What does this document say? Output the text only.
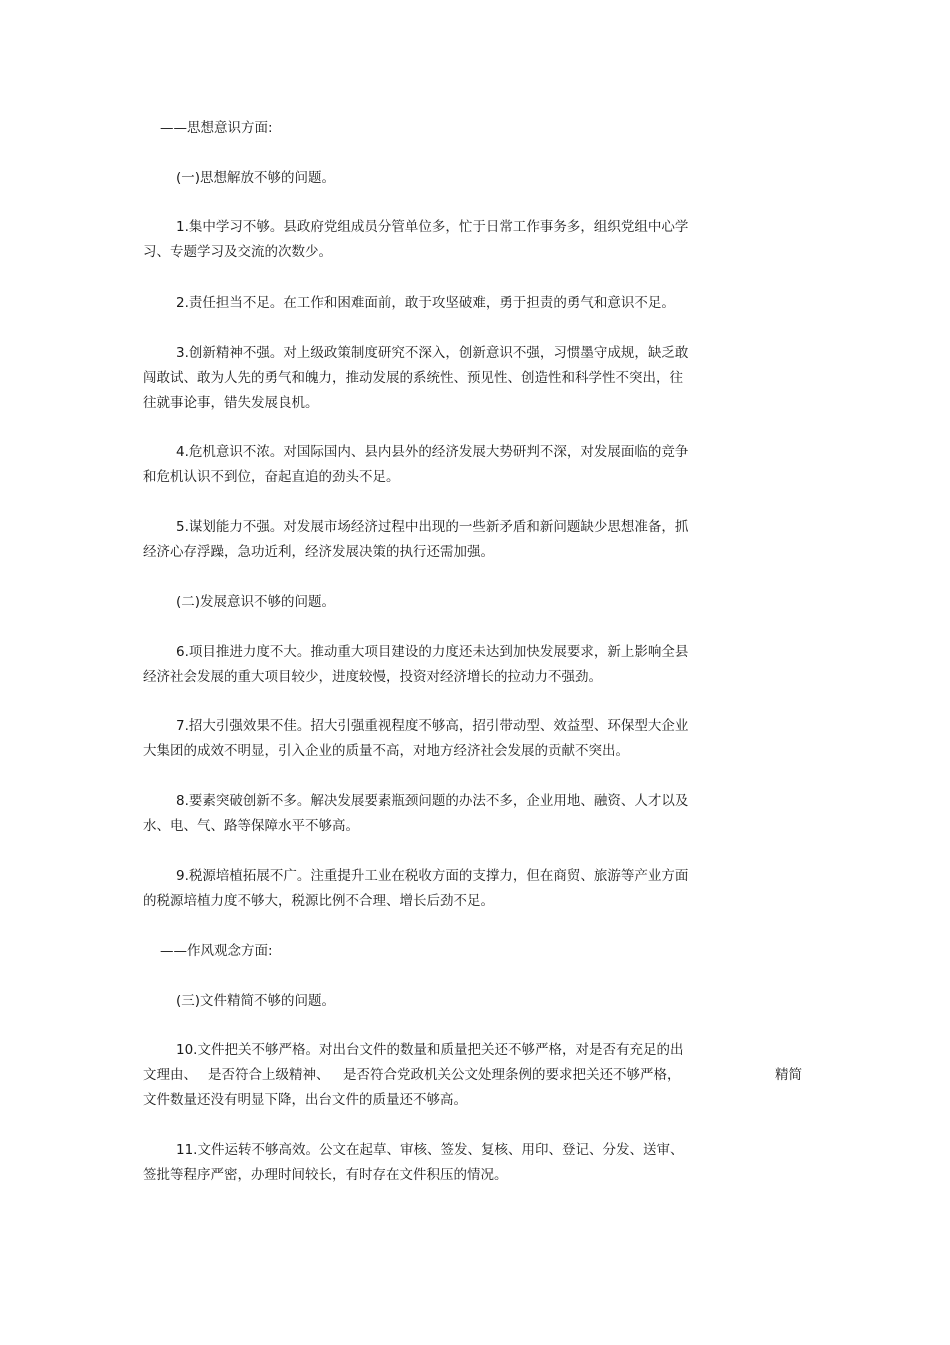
——思想意识方面:
(一)思想解放不够的问题。
1.集中学习不够。县政府党组成员分管单位多，忙于日常工作事务多，组织党组中心学
习、专题学习及交流的次数少。
2.责任担当不足。在工作和困难面前，敢于攻坚破难，勇于担责的勇气和意识不足。
3.创新精神不强。对上级政策制度研究不深入，创新意识不强，习惯墨守成规，缺乏敢
闯敢试、敢为人先的勇气和魄力，推动发展的系统性、预见性、创造性和科学性不突出，往
往就事论事，错失发展良机。
4.危机意识不浓。对国际国内、县内县外的经济发展大势研判不深，对发展面临的竞争
和危机认识不到位，奋起直追的劲头不足。
5.谋划能力不强。对发展市场经济过程中出现的一些新矛盾和新问题缺少思想准备，抓
经济心存浮躁，急功近利，经济发展决策的执行还需加强。
(二)发展意识不够的问题。
6.项目推进力度不大。推动重大项目建设的力度还未达到加快发展要求，新上影响全县
经济社会发展的重大项目较少，进度较慢，投资对经济增长的拉动力不强劲。
7.招大引强效果不佳。招大引强重视程度不够高，招引带动型、效益型、环保型大企业
大集团的成效不明显，引入企业的质量不高，对地方经济社会发展的贡献不突出。
8.要素突破创新不多。解决发展要素瓶颈问题的办法不多，企业用地、融资、人才以及
水、电、气、路等保障水平不够高。
9.税源培植拓展不广。注重提升工业在税收方面的支撑力，但在商贸、旅游等产业方面
的税源培植力度不够大，税源比例不合理、增长后劲不足。
——作风观念方面:
(三)文件精简不够的问题。
10.文件把关不够严格。对出台文件的数量和质量把关还不够严格，对是否有充足的出
文理由、 是否符合上级精神、 是否符合党政机关公文处理条例的要求把关还不够严格，	精简
文件数量还没有明显下降，出台文件的质量还不够高。
11.文件运转不够高效。公文在起草、审核、签发、复核、用印、登记、分发、送审、
签批等程序严密，办理时间较长，有时存在文件积压的情况。
